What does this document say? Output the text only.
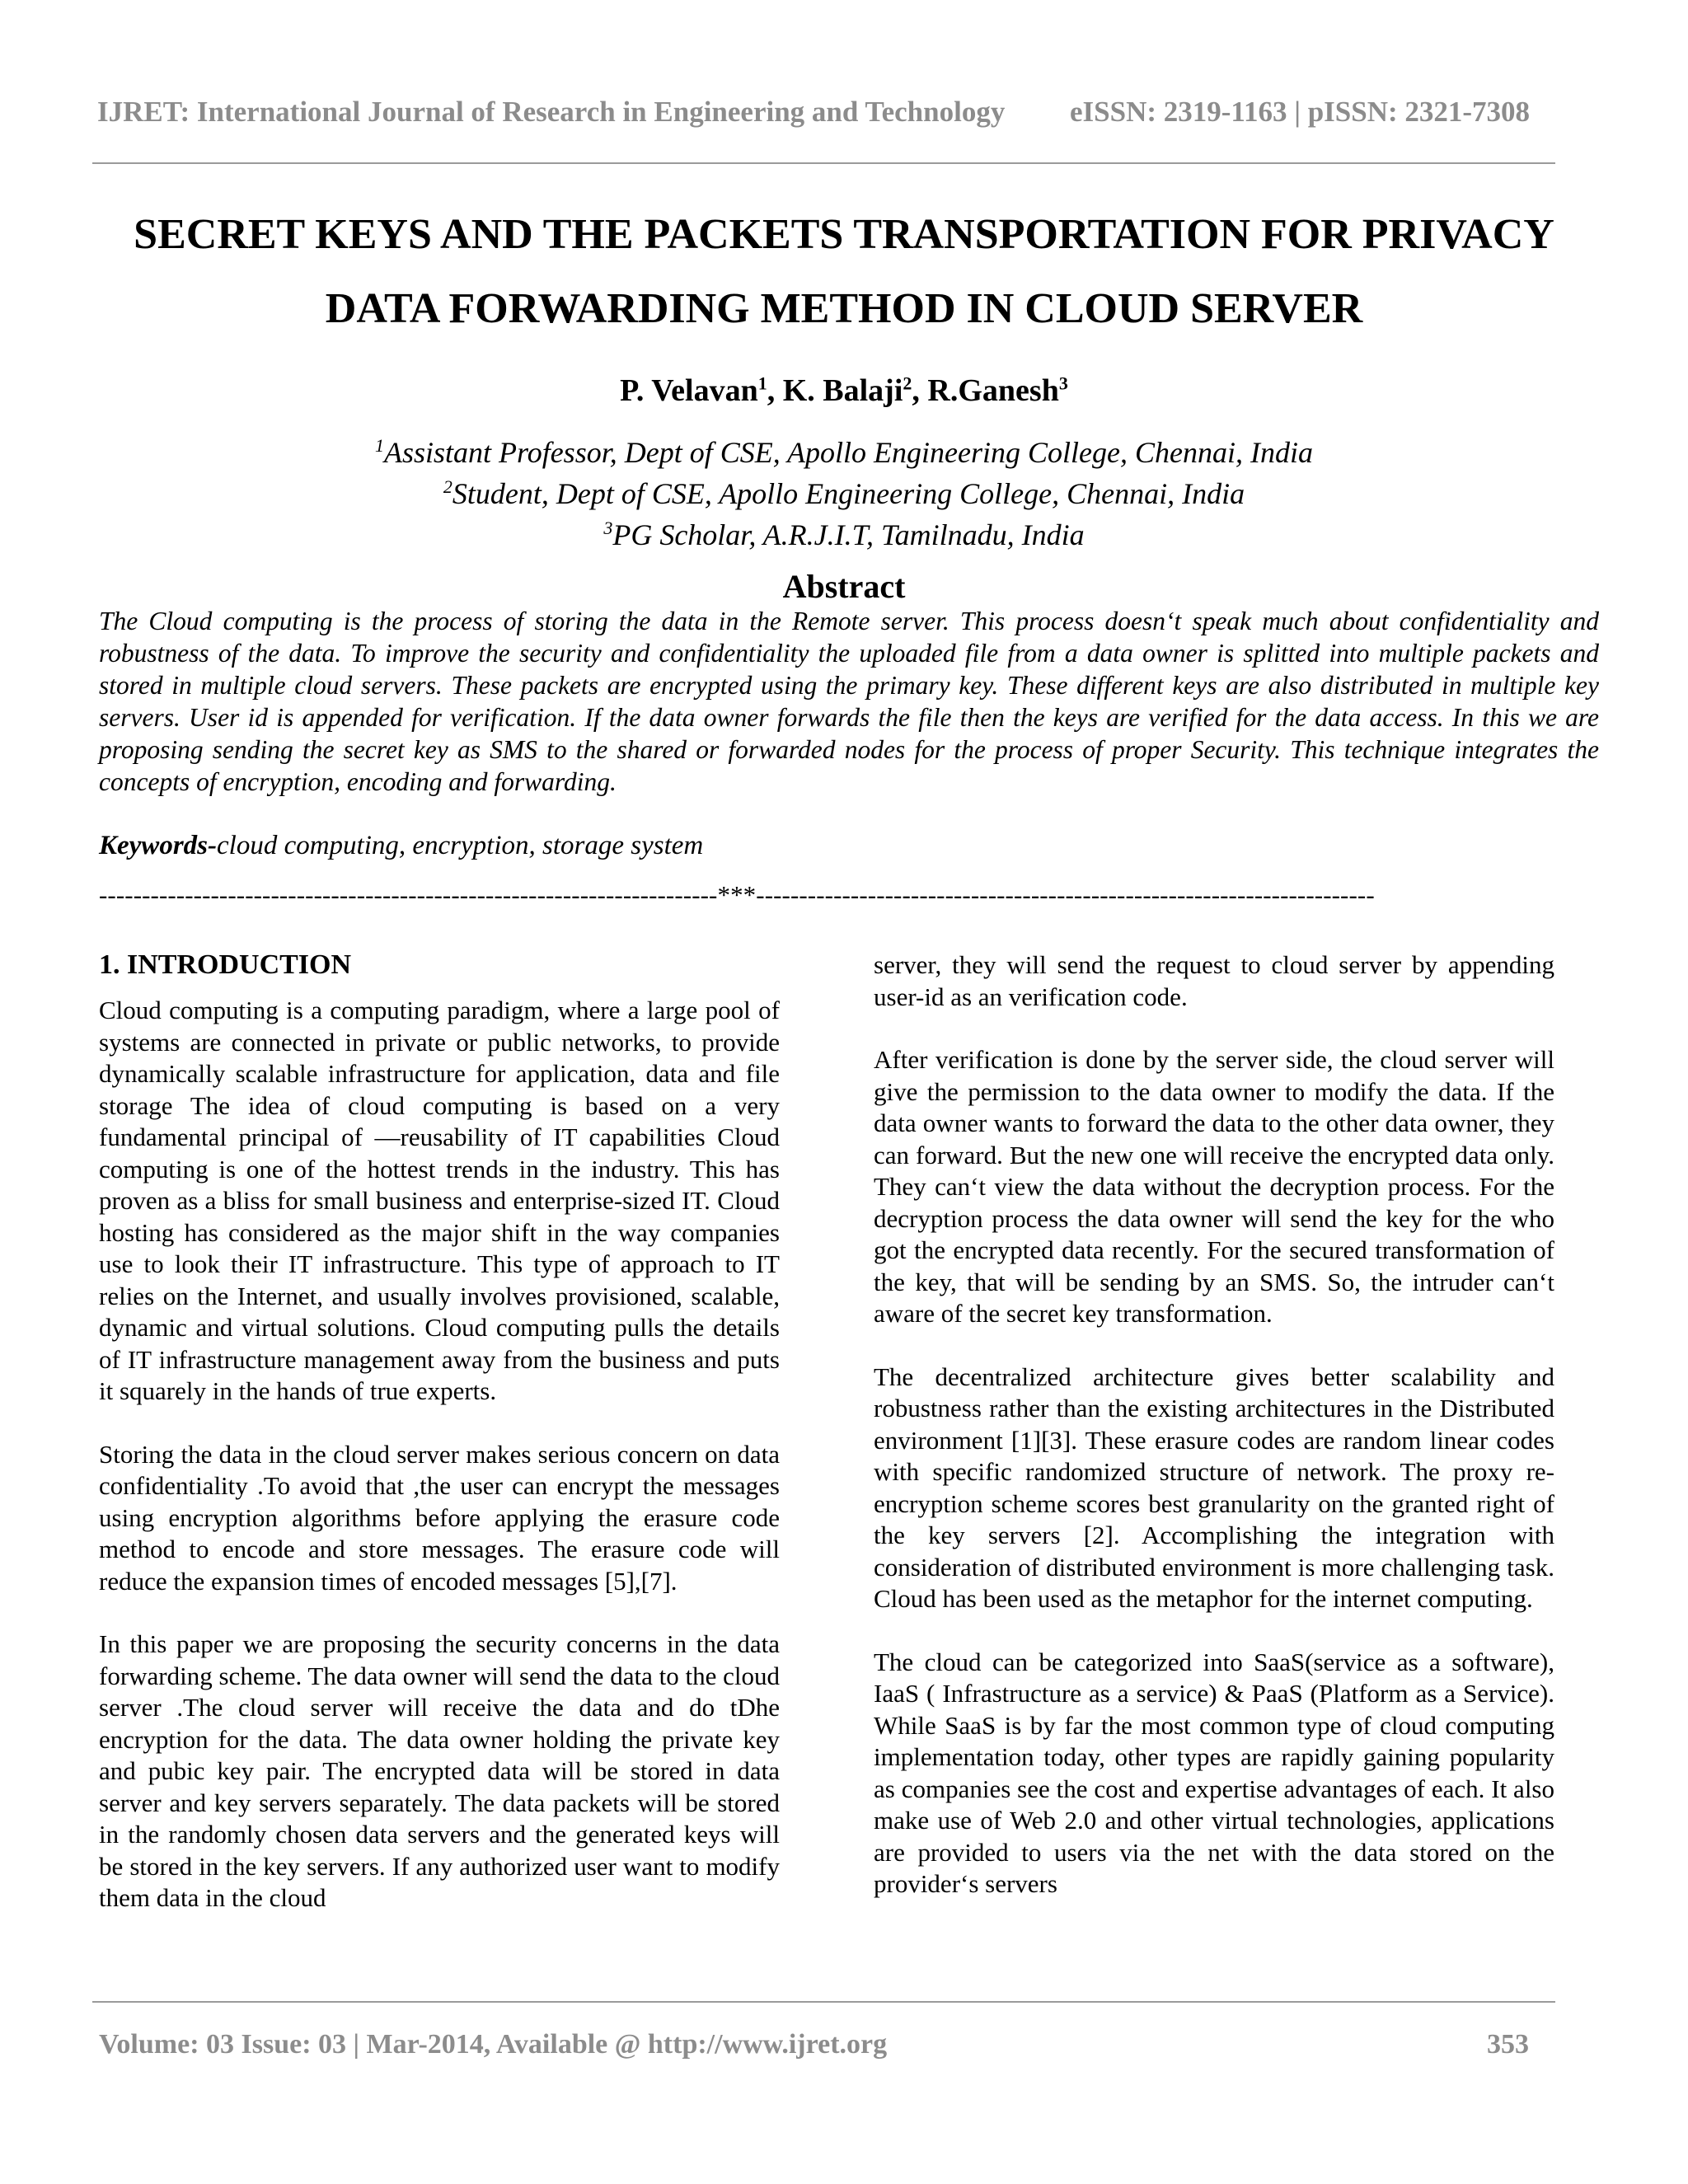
IJRET: International Journal of Research in Engineering and Technology eISSN: 2319-1163 | pISSN: 2321-7308
SECRET KEYS AND THE PACKETS TRANSPORTATION FOR PRIVACY
DATA FORWARDING METHOD IN CLOUD SERVER
P. Velavan$^1$, K. Balaji$^2$, R.Ganesh$^3$
$^1$Assistant Professor, Dept of CSE, Apollo Engineering College, Chennai, India
$^2$Student, Dept of CSE, Apollo Engineering College, Chennai, India
$^3$PG Scholar, A.R.J.I.T, Tamilnadu, India
Abstract
The Cloud computing is the process of storing the data in the Remote server. This process doesn‘t speak much about confidentiality and robustness of the data. To improve the security and confidentiality the uploaded file from a data owner is splitted into multiple packets and stored in multiple cloud servers. These packets are encrypted using the primary key. These different keys are also distributed in multiple key servers. User id is appended for verification. If the data owner forwards the file then the keys are verified for the data access. In this we are proposing sending the secret key as SMS to the shared or forwarded nodes for the process of proper Security. This technique integrates the concepts of encryption, encoding and forwarding.
Keywords-cloud computing, encryption, storage system
------------------------------------------------------------------------***------------------------------------------------------------------------
1. INTRODUCTION

Cloud computing is a computing paradigm, where a large pool of systems are connected in private or public networks, to provide dynamically scalable infrastructure for application, data and file storage The idea of cloud computing is based on a very fundamental principal of ―reusability of IT capabilities Cloud computing is one of the hottest trends in the industry. This has proven as a bliss for small business and enterprise-sized IT. Cloud hosting has considered as the major shift in the way companies use to look their IT infrastructure. This type of approach to IT relies on the Internet, and usually involves provisioned, scalable, dynamic and virtual solutions. Cloud computing pulls the details of IT infrastructure management away from the business and puts it squarely in the hands of true experts.

Storing the data in the cloud server makes serious concern on data confidentiality .To avoid that ,the user can encrypt the messages using encryption algorithms before applying the erasure code method to encode and store messages. The erasure code will reduce the expansion times of encoded messages [5],[7].

In this paper we are proposing the security concerns in the data forwarding scheme. The data owner will send the data to the cloud server .The cloud server will receive the data and do tDhe encryption for the data. The data owner holding the private key and pubic key pair. The encrypted data will be stored in data server and key servers separately. The data packets will be stored in the randomly chosen data servers and the generated keys will be stored in the key servers. If any authorized user want to modify them data in the cloud

server, they will send the request to cloud server by appending user-id as an verification code.

After verification is done by the server side, the cloud server will give the permission to the data owner to modify the data. If the data owner wants to forward the data to the other data owner, they can forward. But the new one will receive the encrypted data only. They can‘t view the data without the decryption process. For the decryption process the data owner will send the key for the who got the encrypted data recently. For the secured transformation of the key, that will be sending by an SMS. So, the intruder can‘t aware of the secret key transformation.

The decentralized architecture gives better scalability and robustness rather than the existing architectures in the Distributed environment [1][3]. These erasure codes are random linear codes with specific randomized structure of network. The proxy re-encryption scheme scores best granularity on the granted right of the key servers [2]. Accomplishing the integration with consideration of distributed environment is more challenging task. Cloud has been used as the metaphor for the internet computing.

The cloud can be categorized into SaaS(service as a software), IaaS ( Infrastructure as a service) & PaaS (Platform as a Service). While SaaS is by far the most common type of cloud computing implementation today, other types are rapidly gaining popularity as companies see the cost and expertise advantages of each. It also make use of Web 2.0 and other virtual technologies, applications are provided to users via the net with the data stored on the provider‘s servers

Volume: 03 Issue: 03 | Mar-2014, Available @ http://www.ijret.org	353
